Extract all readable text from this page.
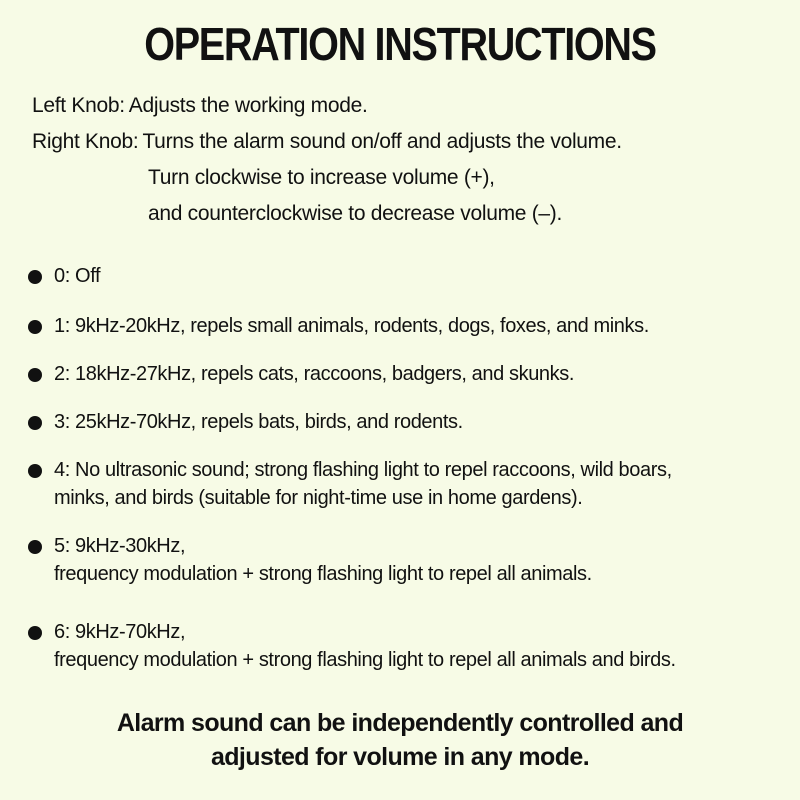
OPERATION INSTRUCTIONS
Left Knob: Adjusts the working mode.
Right Knob: Turns the alarm sound on/off and adjusts the volume.
Turn clockwise to increase volume (+),
and counterclockwise to decrease volume (–).
0: Off
1: 9kHz-20kHz, repels small animals, rodents, dogs, foxes, and minks.
2: 18kHz-27kHz, repels cats, raccoons, badgers, and skunks.
3: 25kHz-70kHz, repels bats, birds, and rodents.
4: No ultrasonic sound; strong flashing light to repel raccoons, wild boars,
minks, and birds (suitable for night-time use in home gardens).
5: 9kHz-30kHz,
frequency modulation + strong flashing light to repel all animals.
6: 9kHz-70kHz,
frequency modulation + strong flashing light to repel all animals and birds.
Alarm sound can be independently controlled and
adjusted for volume in any mode.
